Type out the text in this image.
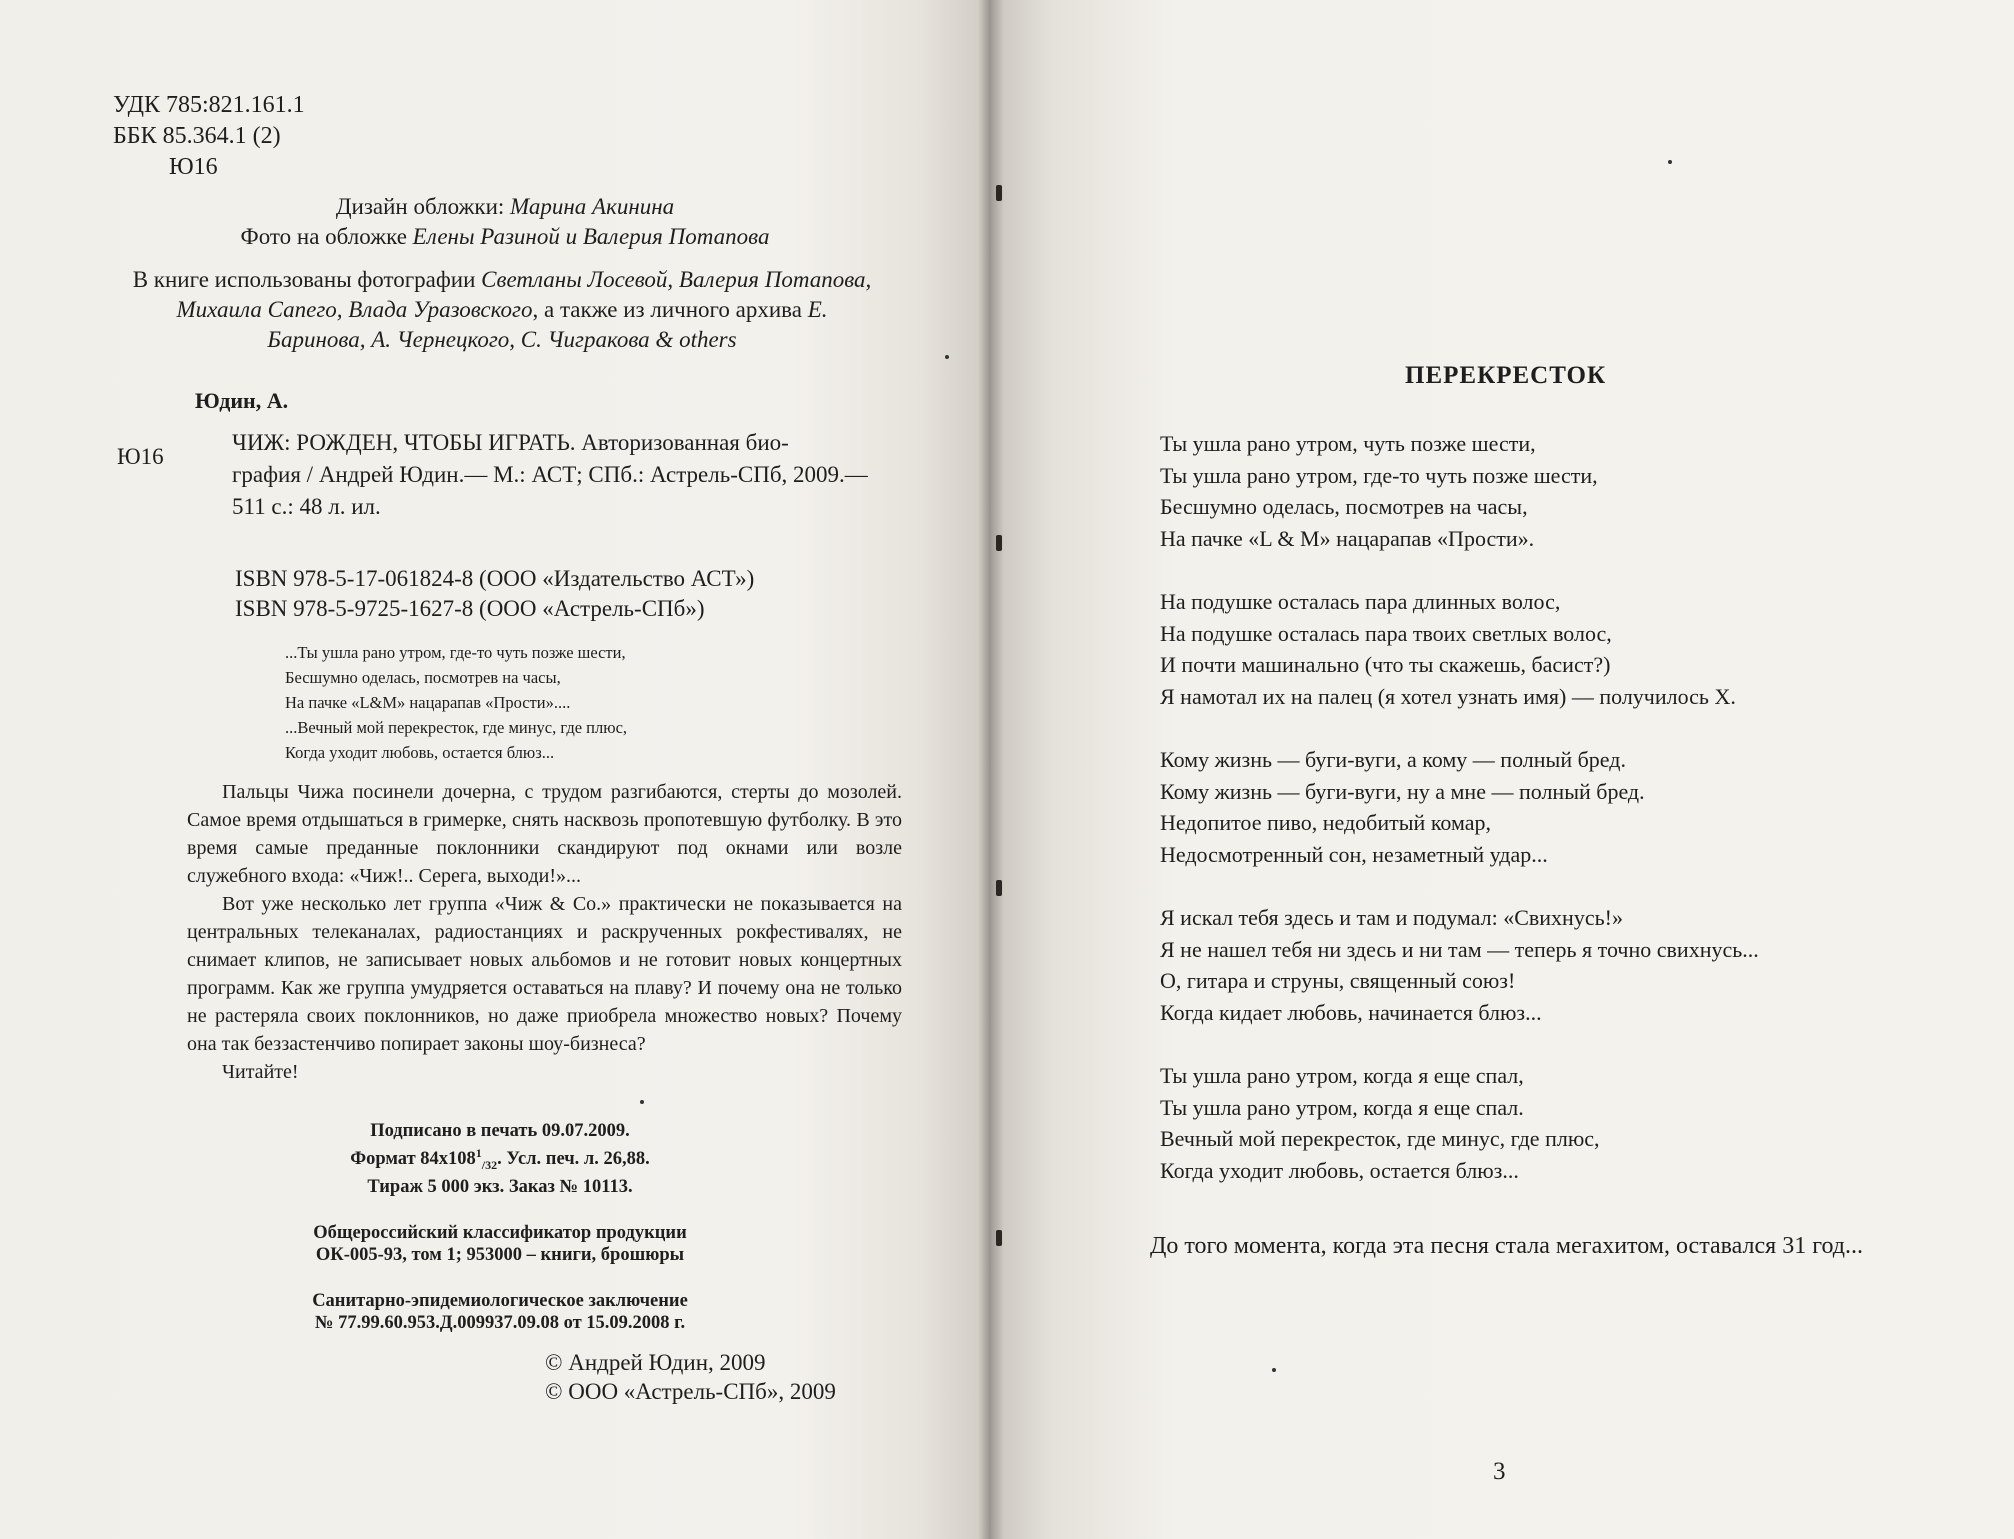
УДК 785:821.161.1
ББК 85.364.1 (2)
Ю16
Дизайн обложки: Марина Акинина
Фото на обложке Елены Разиной и Валерия Потапова
В книге использованы фотографии Светланы Лосевой, Валерия Потапова, Михаила Сапего, Влада Уразовского, а также из личного архива Е. Баринова, А. Чернецкого, С. Чигракова & others
Юдин, А.
Ю16
ЧИЖ: РОЖДЕН, ЧТОБЫ ИГРАТЬ. Авторизованная био-
графия / Андрей Юдин.— М.: АСТ; СПб.: Астрель-СПб, 2009.—
511 с.: 48 л. ил.
ISBN 978-5-17-061824-8 (ООО «Издательство АСТ»)
ISBN 978-5-9725-1627-8 (ООО «Астрель-СПб»)
...Ты ушла рано утром, где-то чуть позже шести,
Бесшумно оделась, посмотрев на часы,
На пачке «L&M» нацарапав «Прости»....
...Вечный мой перекресток, где минус, где плюс,
Когда уходит любовь, остается блюз...

Пальцы Чижа посинели дочерна, с трудом разгибаются, стерты до мозолей. Самое время отдышаться в гримерке, снять насквозь пропотевшую футболку. В это время самые преданные поклонники скандируют под окнами или возле служебного входа: «Чиж!.. Серега, выходи!»...

Вот уже несколько лет группа «Чиж & Co.» практически не показывается на центральных телеканалах, радиостанциях и раскрученных рокфестивалях, не снимает клипов, не записывает новых альбомов и не готовит новых концертных программ. Как же группа умудряется оставаться на плаву? И почему она не только не растеряла своих поклонников, но даже приобрела множество новых? Почему она так беззастенчиво попирает законы шоу-бизнеса?

Читайте!

Подписано в печать 09.07.2009.
Формат $84х108^1_{/32}$. Усл. печ. л. 26,88.
Тираж 5 000 экз. Заказ № 10113.
Общероссийский классификатор продукции
ОК-005-93, том 1; 953000 – книги, брошюры
Санитарно-эпидемиологическое заключение
№ 77.99.60.953.Д.009937.09.08 от 15.09.2008 г.
© Андрей Юдин, 2009
© ООО «Астрель-СПб», 2009
ПЕРЕКРЕСТОК
Ты ушла рано утром, чуть позже шести,
Ты ушла рано утром, где-то чуть позже шести,
Бесшумно оделась, посмотрев на часы,
На пачке «L & M» нацарапав «Прости».
На подушке осталась пара длинных волос,
На подушке осталась пара твоих светлых волос,
И почти машинально (что ты скажешь, басист?)
Я намотал их на палец (я хотел узнать имя) — получилось Х.
Кому жизнь — буги-вуги, а кому — полный бред.
Кому жизнь — буги-вуги, ну а мне — полный бред.
Недопитое пиво, недобитый комар,
Недосмотренный сон, незаметный удар...
Я искал тебя здесь и там и подумал: «Свихнусь!»
Я не нашел тебя ни здесь и ни там — теперь я точно свихнусь...
О, гитара и струны, священный союз!
Когда кидает любовь, начинается блюз...
Ты ушла рано утром, когда я еще спал,
Ты ушла рано утром, когда я еще спал.
Вечный мой перекресток, где минус, где плюс,
Когда уходит любовь, остается блюз...

До того момента, когда эта песня стала мегахитом, оставался 31 год...

3
